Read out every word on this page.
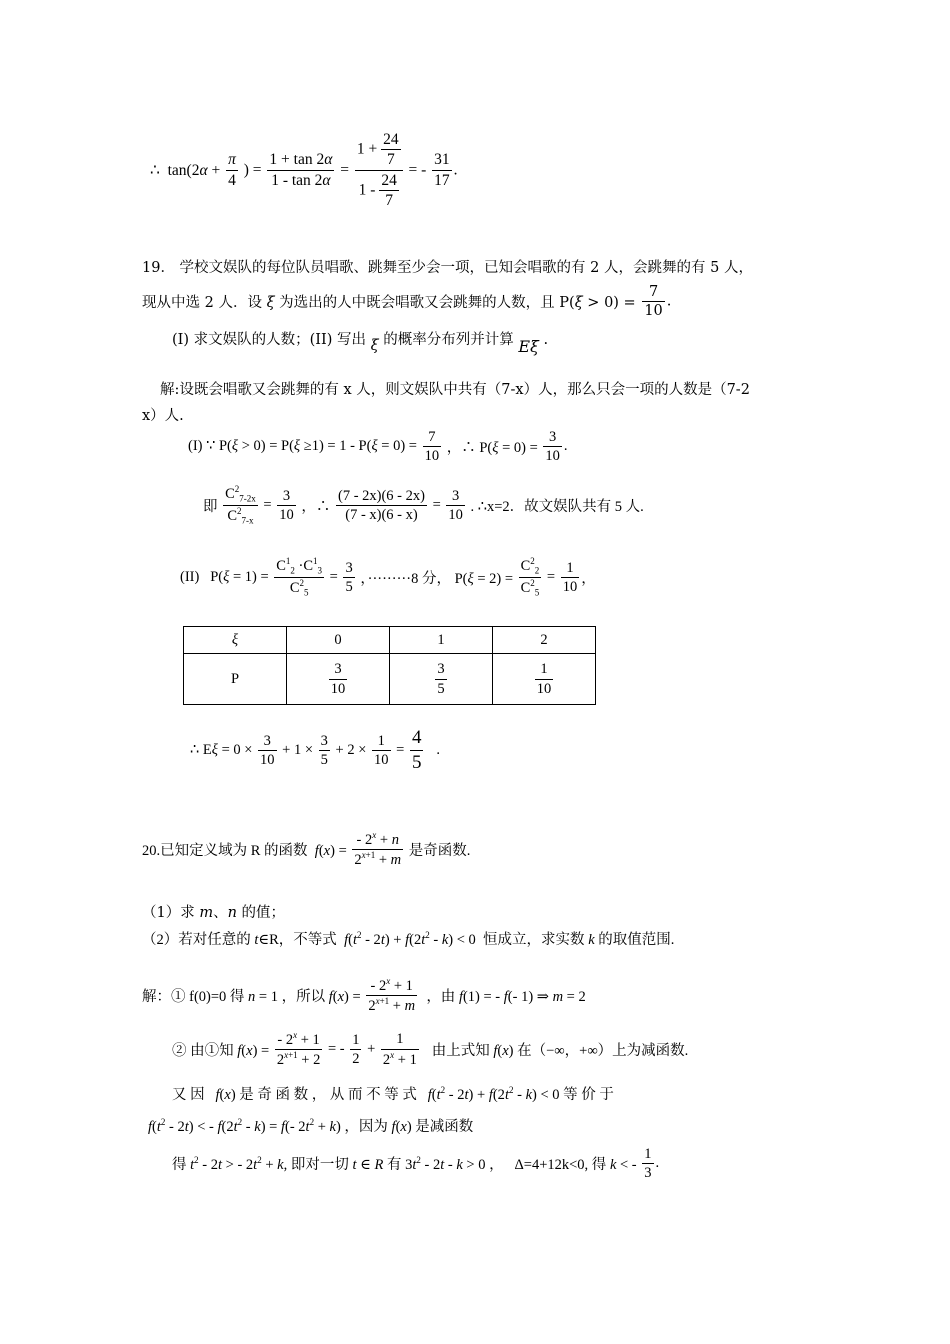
∴  $\tan(2\alpha + \frac{\pi}{4}$ ) = $\frac{1 + \tan 2\alpha}{1 - \tan 2\alpha} = \frac{1 + \frac{24}{7}}{1 - \frac{24}{7}}$ = - $\frac{31}{17}$ .
19． 学校文娱队的每位队员唱歌、跳舞至少会一项，已知会唱歌的有 2 人，会跳舞的有 5 人，
现从中选 2 人．设 ξ 为选出的人中既会唱歌又会跳舞的人数，且 $P(\xi > 0) = \frac{7}{10}$ .
(I) 求文娱队的人数；(II) 写出 ξ 的概率分布列并计算 Eξ .
解:设既会唱歌又会跳舞的有 x 人，则文娱队中共有（7-x）人，那么只会一项的人数是（7-2
x）人.
(I) ∵ $P(\xi > 0) = P(\xi \ge 1) = 1 - P(\xi = 0) = \frac{7}{10}$ ，∴ $P(\xi = 0) = \frac{3}{10}$ .
即 $\frac{C^2_{7-2x}}{C^2_{7-x}} = \frac{3}{10}$ ，∴ $\frac{(7 - 2x)(6 - 2x)}{(7 - x)(6 - x)} = \frac{3}{10}$ . ∴x=2．故文娱队共有 5 人.
(II)   $P(\xi = 1) = \frac{C^1_2 \cdot C^1_3}{C^2_5} = \frac{3}{5}$ ，·········8 分， $P(\xi = 2) = \frac{C^2_2}{C^2_5} = \frac{1}{10}$ ，
ξ	0	1	2
P	$\frac{3}{10}$	$\frac{3}{5}$	$\frac{1}{10}$
∴ $E\xi = 0 \times \frac{3}{10} + 1 \times \frac{3}{5} + 2 \times \frac{1}{10} = \frac{4}{5}$ .
20.已知定义域为 R 的函数  $f(x) = \frac{- 2^x + n}{2^{x+1} + m}$ 是奇函数.
（1）求 m、n 的值；
（2）若对任意的 t∈R，不等式  $f(t^2 - 2t) + f(2t^2 - k) < 0$  恒成立，求实数 k 的取值范围.
解：① f(0)=0 得 n = 1 ，所以 $f(x) = \frac{- 2^x + 1}{2^{x+1} + m}$ ，由 f(1) = - f(- 1) ⇒ m = 2
② 由①知 $f(x) = \frac{- 2^x + 1}{2^{x+1} + 2}$ = - $\frac{1}{2} + \frac{1}{2^x + 1}$ 由上式知 f(x) 在（−∞，+∞）上为减函数.
又 因   f(x) 是 奇 函 数 ， 从 而 不 等 式   $f(t^2 - 2t) + f(2t^2 - k) < 0$ 等 价 于
$f(t^2 - 2t)$ < - $f(2t^2 - k) = f(-$ $2t^2 + k$) ，因为 f(x) 是减函数
得 $t^2 - 2t$ > - $2t^2 + k$, 即对一切 t ∈ R 有 $3t^2 - 2t - k > 0$ ，   Δ=4+12k<0, 得 k < - $\frac{1}{3}$ .
